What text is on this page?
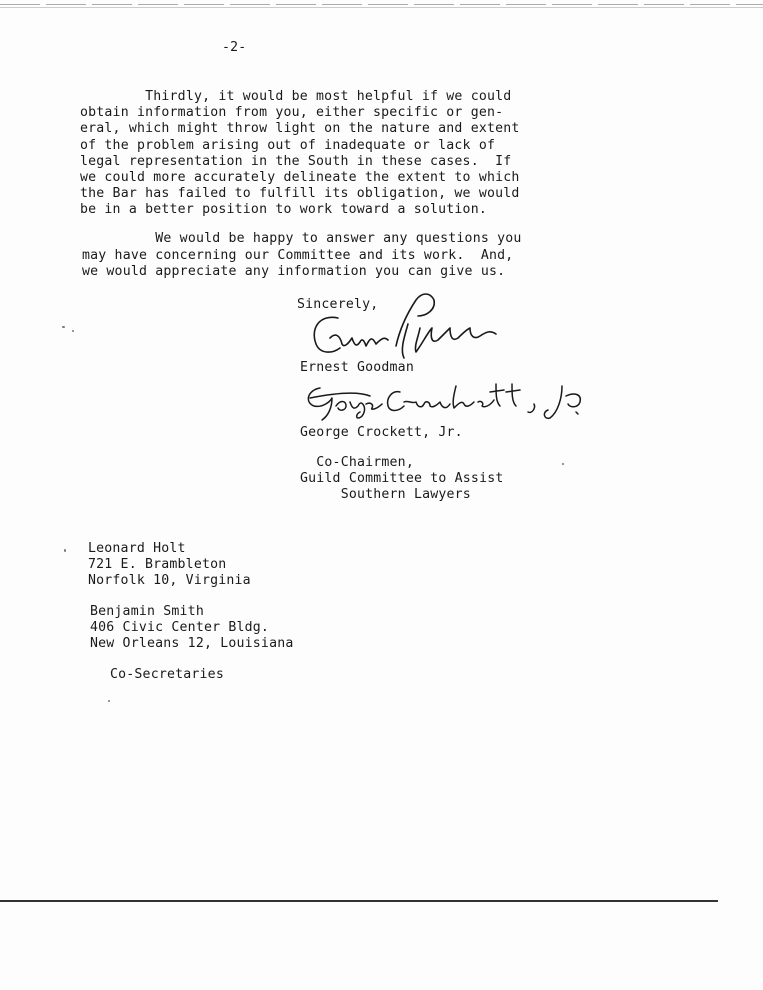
-2-
Thirdly, it would be most helpful if we could
obtain information from you, either specific or gen-
eral, which might throw light on the nature and extent
of the problem arising out of inadequate or lack of
legal representation in the South in these cases.  If
we could more accurately delineate the extent to which
the Bar has failed to fulfill its obligation, we would
be in a better position to work toward a solution.
We would be happy to answer any questions you
may have concerning our Committee and its work.  And,
we would appreciate any information you can give us.
Sincerely,
Ernest Goodman
George Crockett, Jr.
Co-Chairmen,
Guild Committee to Assist
Southern Lawyers
Leonard Holt
721 E. Brambleton
Norfolk 10, Virginia
Benjamin Smith
406 Civic Center Bldg.
New Orleans 12, Louisiana
Co-Secretaries
